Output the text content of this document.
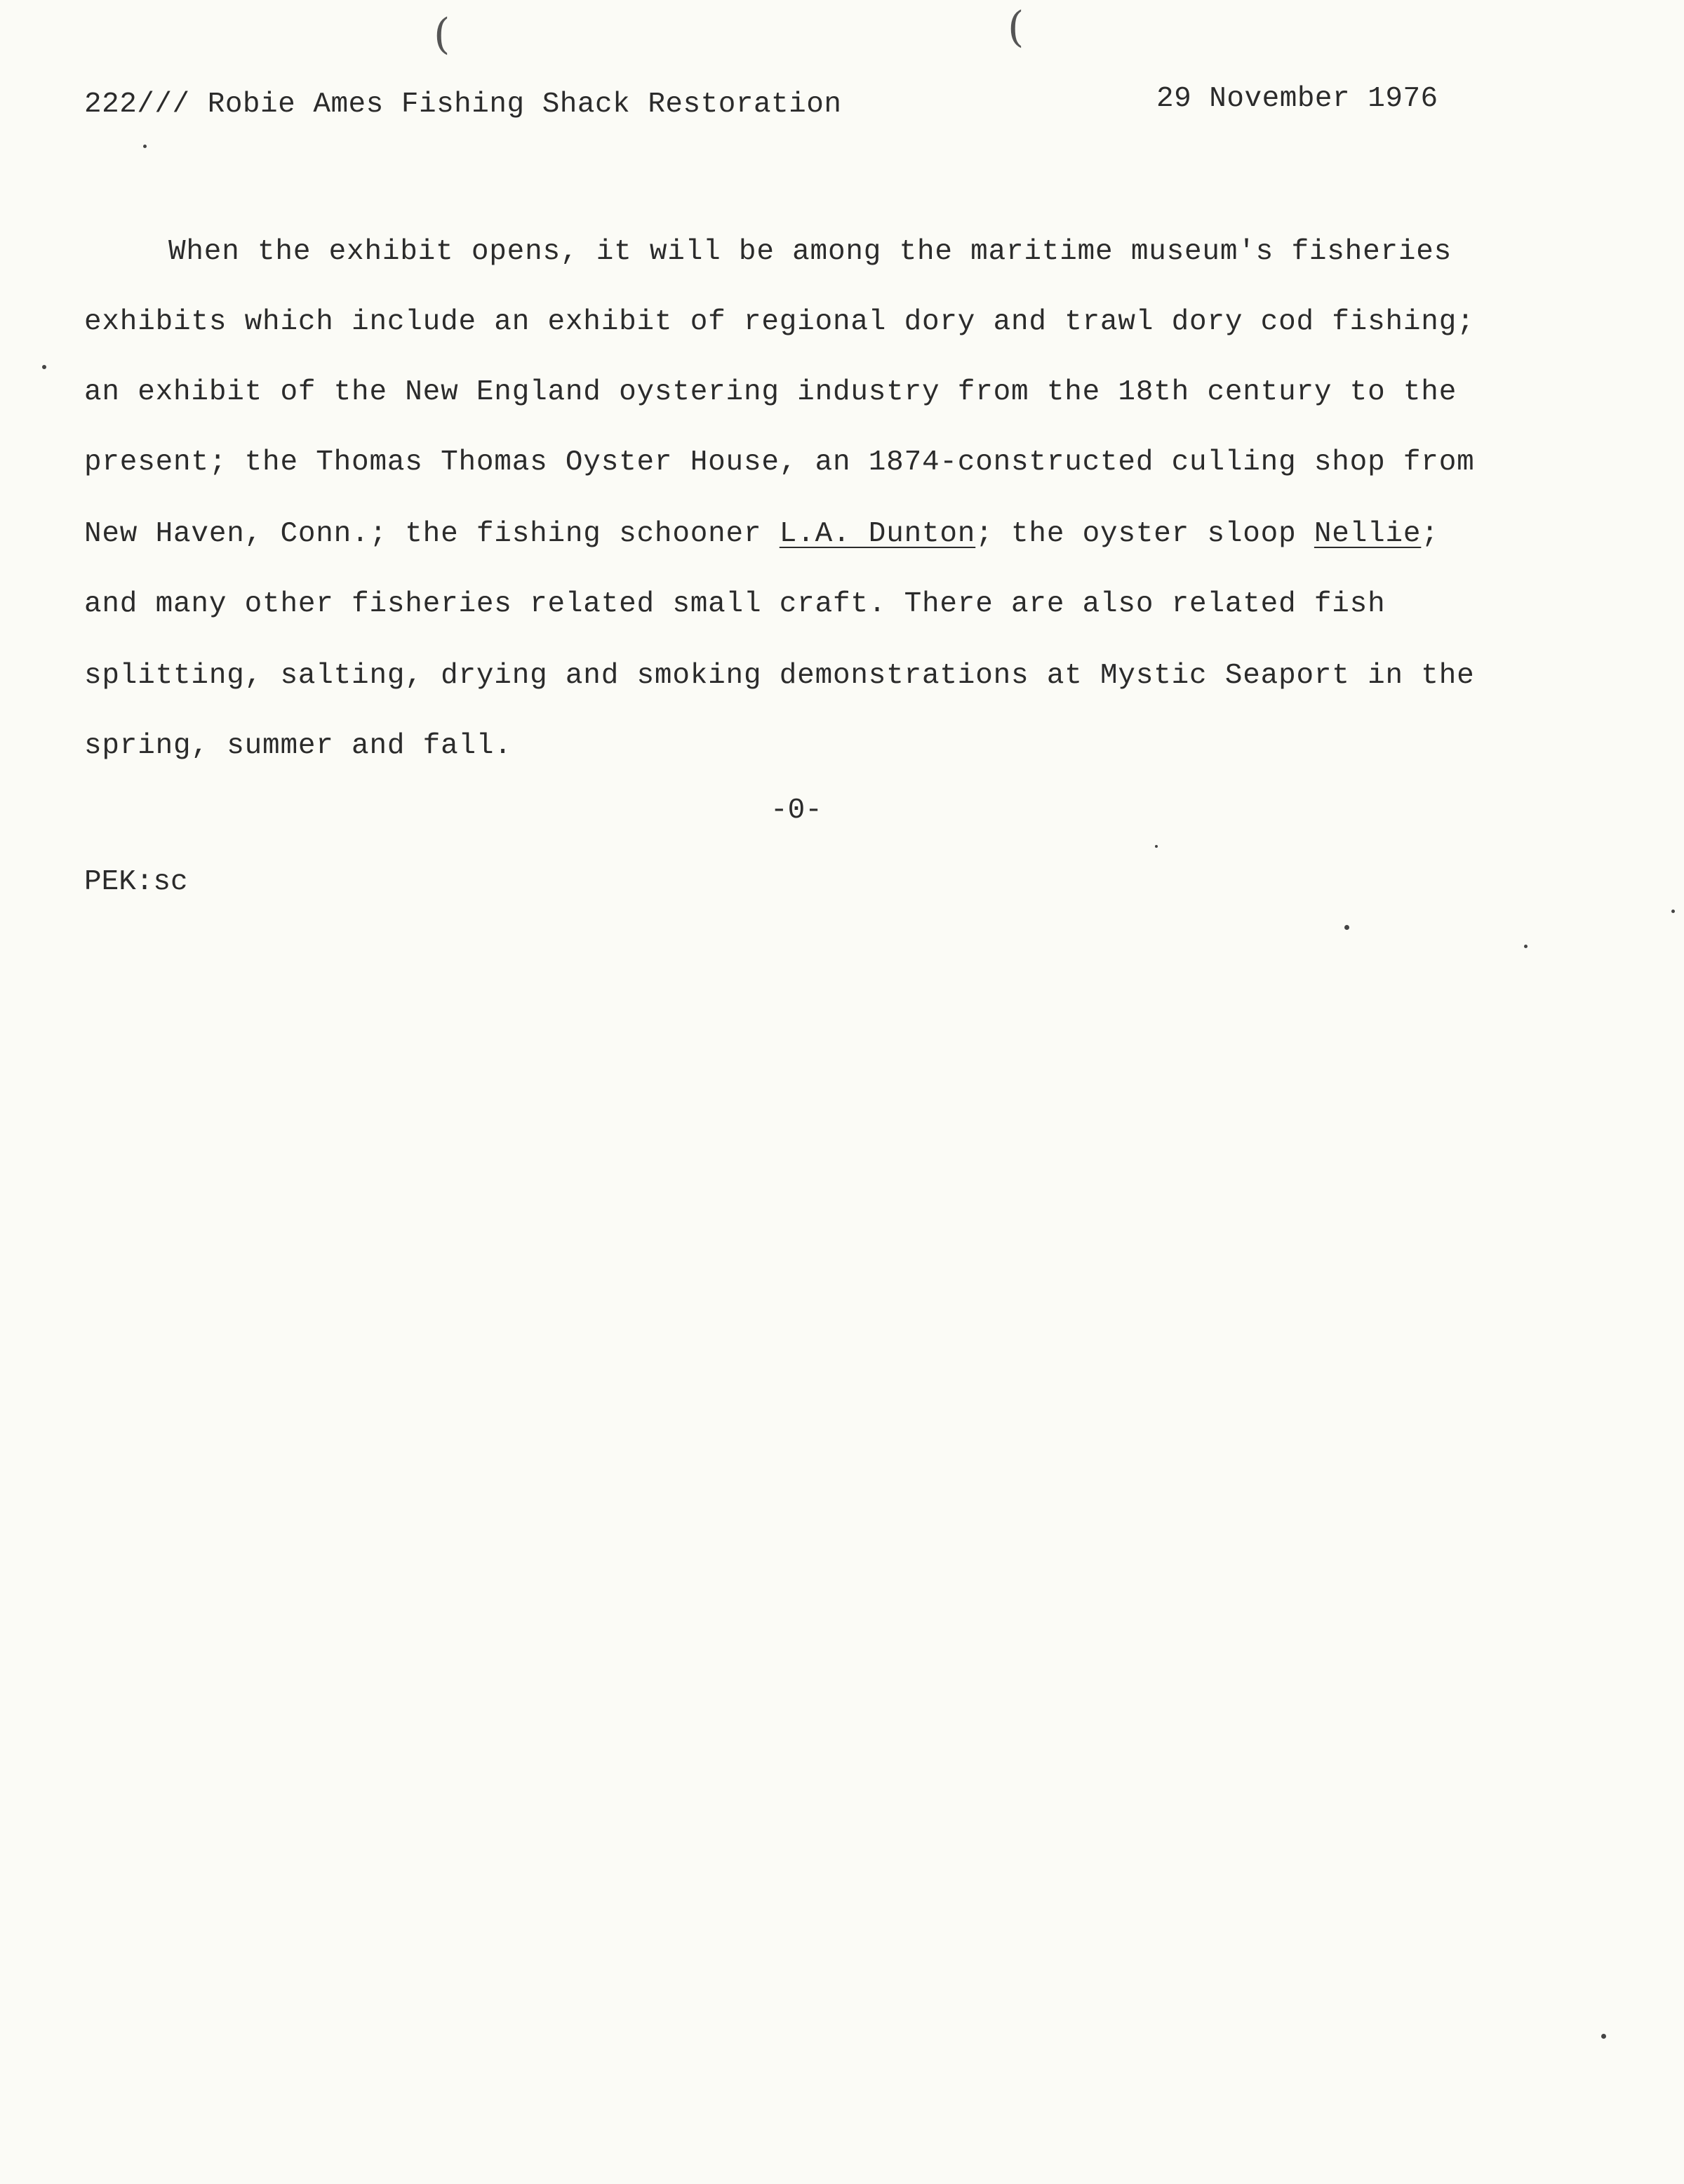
(	(
222/// Robie Ames Fishing Shack Restoration	29 November 1976
When the exhibit opens, it will be among the maritime museum's fisheries
exhibits which include an exhibit of regional dory and trawl dory cod fishing;
an exhibit of the New England oystering industry from the 18th century to the
present; the Thomas Thomas Oyster House, an 1874-constructed culling shop from
New Haven, Conn.; the fishing schooner L.A. Dunton; the oyster sloop Nellie;
and many other fisheries related small craft. There are also related fish
splitting, salting, drying and smoking demonstrations at Mystic Seaport in the
spring, summer and fall.
-0-
PEK:sc
